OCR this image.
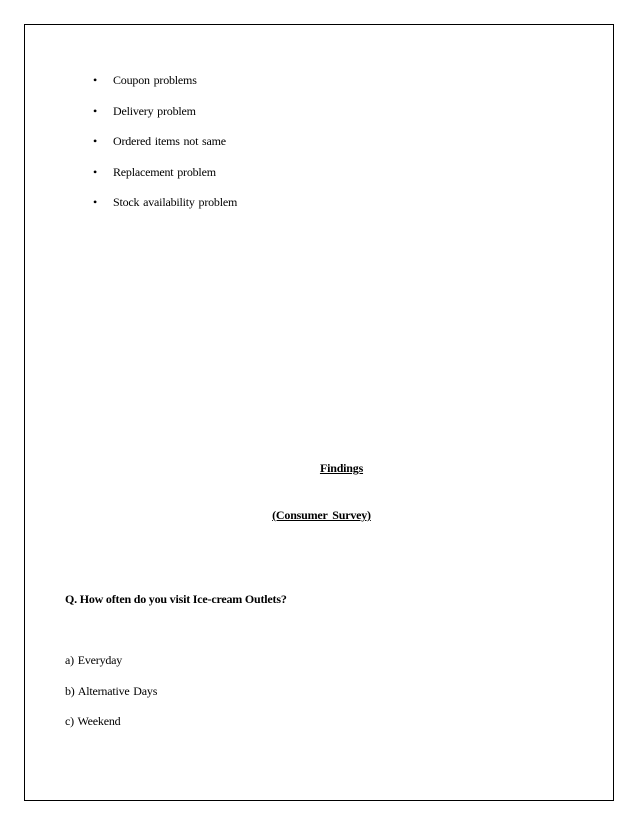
• Coupon problems
• Delivery problem
• Ordered items not same
• Replacement problem
• Stock availability problem
Findings
(Consumer Survey)
Q. How often do you visit Ice-cream Outlets?
a) Everyday
b) Alternative Days
c) Weekend
